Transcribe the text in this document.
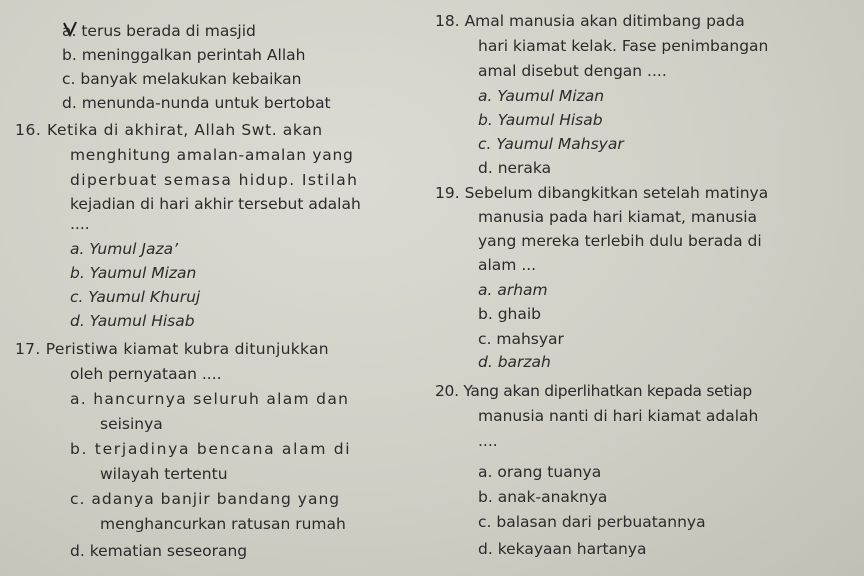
a. terus berada di masjid
b. meninggalkan perintah Allah
c. banyak melakukan kebaikan
d. menunda-nunda untuk bertobat
16. Ketika di akhirat, Allah Swt. akan
menghitung amalan-amalan yang
diperbuat semasa hidup. Istilah
kejadian di hari akhir tersebut adalah
....
a. Yumul Jaza’
b. Yaumul Mizan
c. Yaumul Khuruj
d. Yaumul Hisab
17. Peristiwa kiamat kubra ditunjukkan
oleh pernyataan ....
a. hancurnya seluruh alam dan
seisinya
b. terjadinya bencana alam di
wilayah tertentu
c. adanya banjir bandang yang
menghancurkan ratusan rumah
d. kematian seseorang
18. Amal manusia akan ditimbang pada
hari kiamat kelak. Fase penimbangan
amal disebut dengan ....
a. Yaumul Mizan
b. Yaumul Hisab
c. Yaumul Mahsyar
d. neraka
19. Sebelum dibangkitkan setelah matinya
manusia pada hari kiamat, manusia
yang mereka terlebih dulu berada di
alam ...
a. arham
b. ghaib
c. mahsyar
d. barzah
20. Yang akan diperlihatkan kepada setiap
manusia nanti di hari kiamat adalah
....
a. orang tuanya
b. anak-anaknya
c. balasan dari perbuatannya
d. kekayaan hartanya
